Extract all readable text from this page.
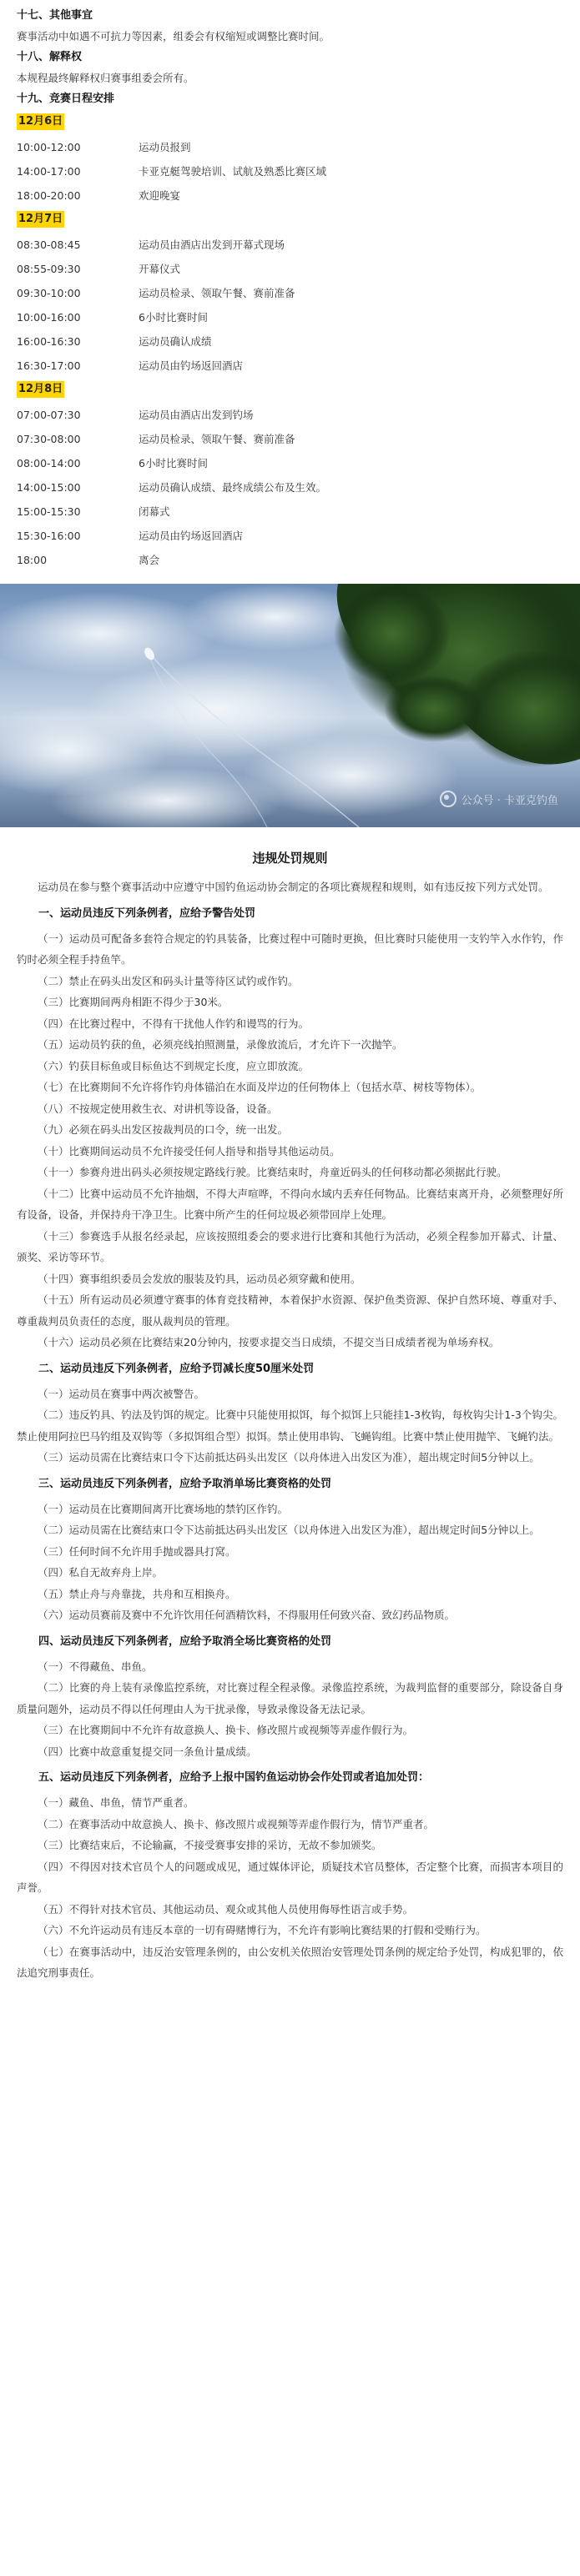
十七、其他事宜
赛事活动中如遇不可抗力等因素，组委会有权缩短或调整比赛时间。
十八、解释权
本规程最终解释权归赛事组委会所有。
十九、竞赛日程安排
12月6日
10:00-12:00	运动员报到
14:00-17:00	卡亚克艇驾驶培训、试航及熟悉比赛区域
18:00-20:00	欢迎晚宴
12月7日
08:30-08:45	运动员由酒店出发到开幕式现场
08:55-09:30	开幕仪式
09:30-10:00	运动员检录、领取午餐、赛前准备
10:00-16:00	6小时比赛时间
16:00-16:30	运动员确认成绩
16:30-17:00	运动员由钓场返回酒店
12月8日
07:00-07:30	运动员由酒店出发到钓场
07:30-08:00	运动员检录、领取午餐、赛前准备
08:00-14:00	6小时比赛时间
14:00-15:00	运动员确认成绩、最终成绩公布及生效。
15:00-15:30	闭幕式
15:30-16:00	运动员由钓场返回酒店
18:00	离会
公众号 · 卡亚克钓鱼
违规处罚规则

运动员在参与整个赛事活动中应遵守中国钓鱼运动协会制定的各项比赛规程和规则，如有违反按下列方式处罚。

一、运动员违反下列条例者，应给予警告处罚

（一）运动员可配备多套符合规定的钓具装备，比赛过程中可随时更换，但比赛时只能使用一支钓竿入水作钓，作钓时必须全程手持鱼竿。

（二）禁止在码头出发区和码头计量等待区试钓或作钓。

（三）比赛期间两舟相距不得少于30米。

（四）在比赛过程中，不得有干扰他人作钓和谩骂的行为。

（五）运动员钓获的鱼，必须亮线拍照测量，录像放流后，才允许下一次抛竿。

（六）钓获目标鱼或目标鱼达不到规定长度，应立即放流。

（七）在比赛期间不允许将作钓舟体锚泊在水面及岸边的任何物体上（包括水草、树枝等物体）。

（八）不按规定使用救生衣、对讲机等设备，设备。

（九）必须在码头出发区按裁判员的口令，统一出发。

（十）比赛期间运动员不允许接受任何人指导和指导其他运动员。

（十一）参赛舟进出码头必须按规定路线行驶。比赛结束时，舟童近码头的任何移动都必须据此行驶。

（十二）比赛中运动员不允许抽烟，不得大声喧哗，不得向水域内丢弃任何物品。比赛结束离开舟，必须整理好所有设备，设备，并保持舟干净卫生。比赛中所产生的任何垃圾必须带回岸上处理。

（十三）参赛选手从报名经录起，应该按照组委会的要求进行比赛和其他行为活动，必须全程参加开幕式、计量、颁奖、采访等环节。

（十四）赛事组织委员会发放的服装及钓具，运动员必须穿戴和使用。

（十五）所有运动员必须遵守赛事的体育竞技精神，本着保护水资源、保护鱼类资源、保护自然环境、尊重对手、尊重裁判员负责任的态度，服从裁判员的管理。

（十六）运动员必须在比赛结束20分钟内，按要求提交当日成绩，不提交当日成绩者视为单场弃权。

二、运动员违反下列条例者，应给予罚减长度50厘米处罚

（一）运动员在赛事中两次被警告。

（二）违反钓具、钓法及钓饵的规定。比赛中只能使用拟饵，每个拟饵上只能挂1-3枚钩，每枚钩尖计1-3个钩尖。禁止使用阿拉巴马钓组及双钩等（多拟饵组合型）拟饵。禁止使用串钩、飞蝇钩组。比赛中禁止使用抛竿、飞蝇钓法。

（三）运动员需在比赛结束口令下达前抵达码头出发区（以舟体进入出发区为准），超出规定时间5分钟以上。

三、运动员违反下列条例者，应给予取消单场比赛资格的处罚

（一）运动员在比赛期间离开比赛场地的禁钓区作钓。

（二）运动员需在比赛结束口令下达前抵达码头出发区（以舟体进入出发区为准），超出规定时间5分钟以上。

（三）任何时间不允许用手抛或器具打窝。

（四）私自无故弃舟上岸。

（五）禁止舟与舟靠拢，共舟和互相换舟。

（六）运动员赛前及赛中不允许饮用任何酒精饮料，不得服用任何致兴奋、致幻药品物质。

四、运动员违反下列条例者，应给予取消全场比赛资格的处罚

（一）不得藏鱼、串鱼。

（二）比赛的舟上装有录像监控系统，对比赛过程全程录像。录像监控系统，为裁判监督的重要部分，除设备自身质量问题外，运动员不得以任何理由人为干扰录像，导致录像设备无法记录。

（三）在比赛期间中不允许有故意换人、换卡、修改照片或视频等弄虚作假行为。

（四）比赛中故意重复提交同一条鱼计量成绩。

五、运动员违反下列条例者，应给予上报中国钓鱼运动协会作处罚或者追加处罚：

（一）藏鱼、串鱼，情节严重者。

（二）在赛事活动中故意换人、换卡、修改照片或视频等弄虚作假行为，情节严重者。

（三）比赛结束后，不论输赢，不接受赛事安排的采访，无故不参加颁奖。

（四）不得因对技术官员个人的问题或成见，通过媒体评论，质疑技术官员整体，否定整个比赛，而损害本项目的声誉。

（五）不得针对技术官员、其他运动员、观众或其他人员使用侮辱性语言或手势。

（六）不允许运动员有违反本章的一切有碍赌博行为，不允许有影响比赛结果的打假和受贿行为。

（七）在赛事活动中，违反治安管理条例的，由公安机关依照治安管理处罚条例的规定给予处罚，构成犯罪的，依法追究刑事责任。
